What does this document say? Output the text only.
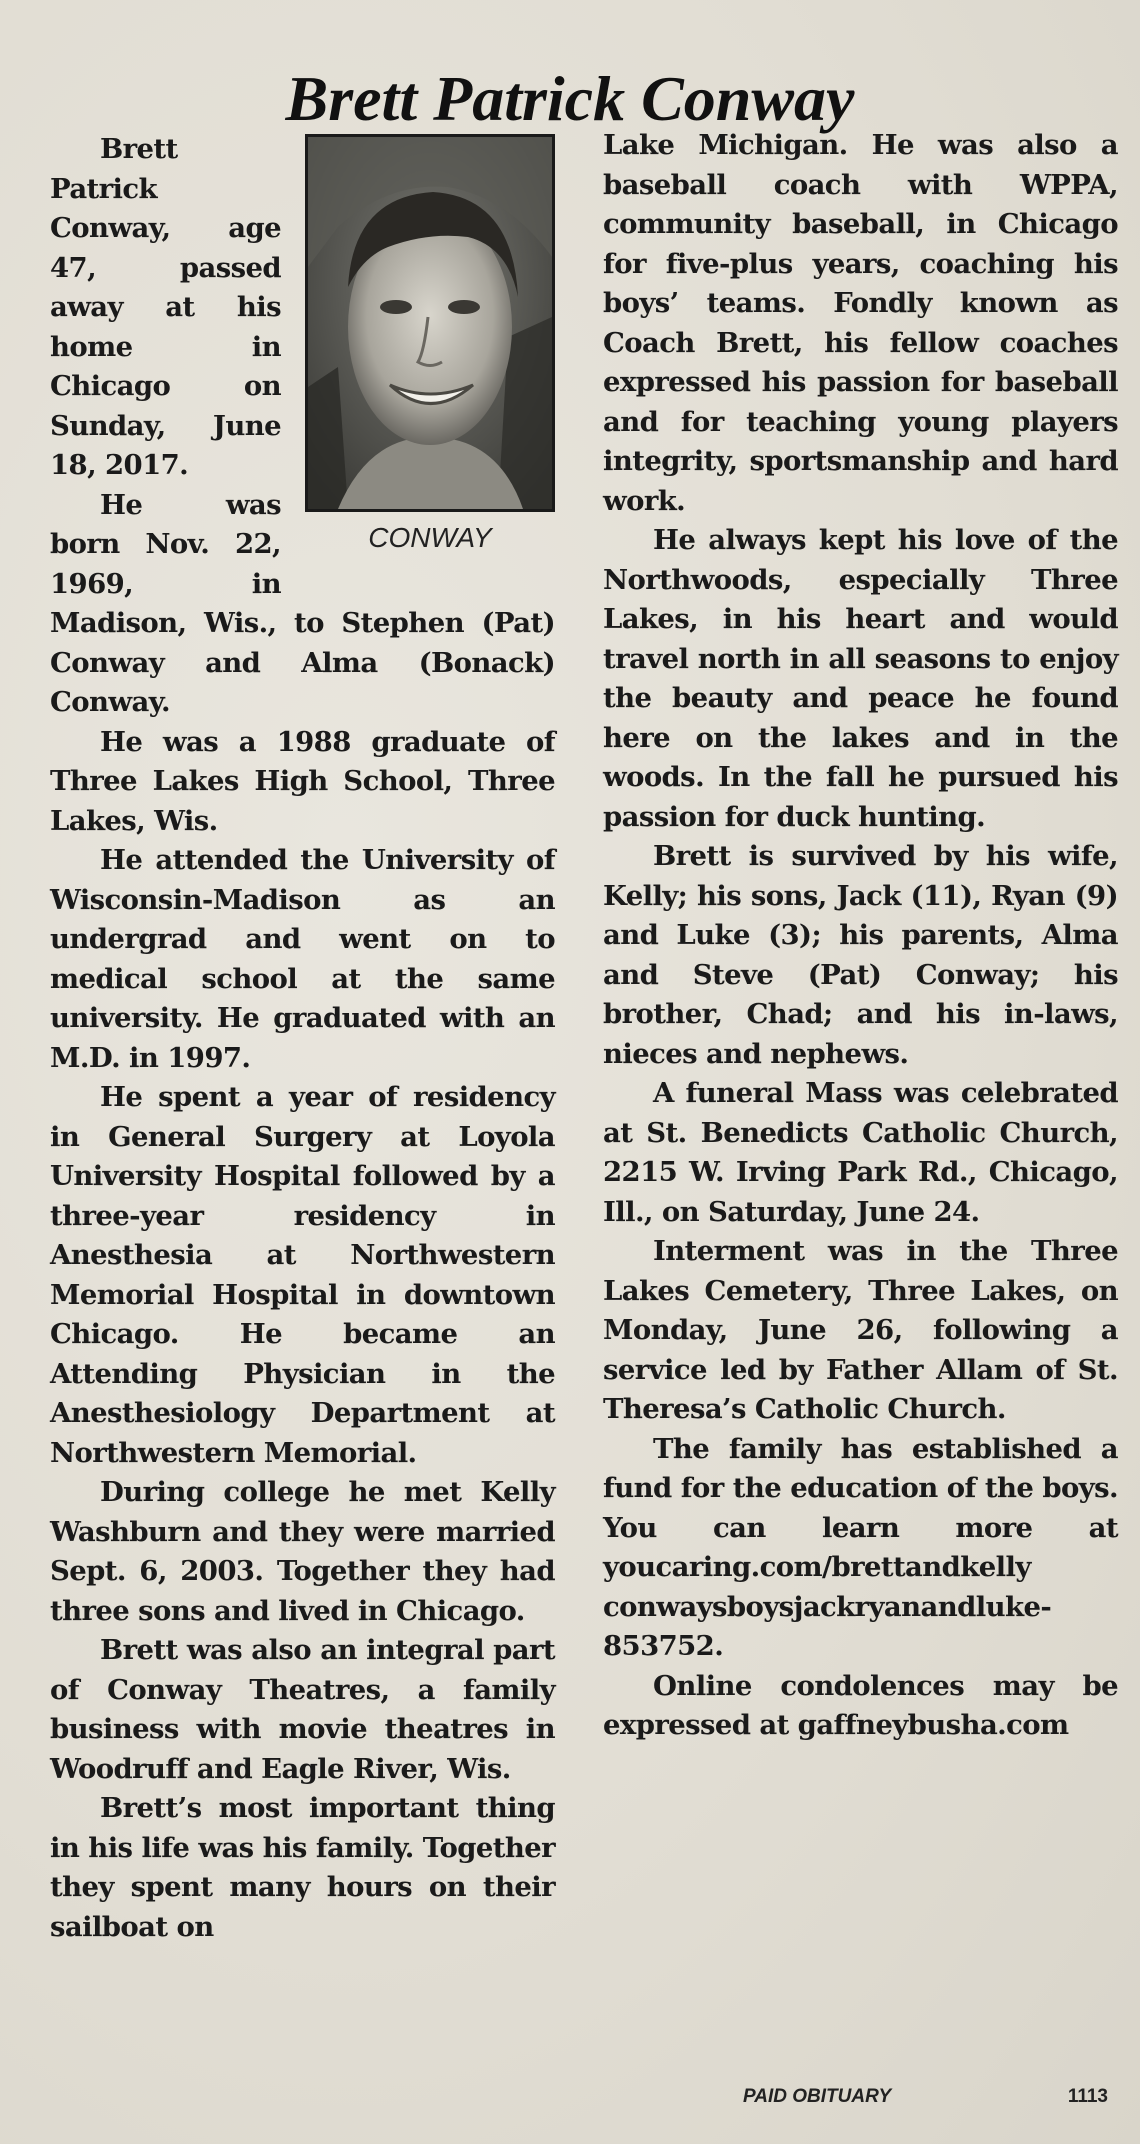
Brett Patrick Conway
CONWAY

Brett Patrick Conway, age 47, passed away at his home in Chicago on Sunday, June 18, 2017.

He was born Nov. 22, 1969, in Madison, Wis., to Stephen (Pat) Conway and Alma (Bonack) Conway.

He was a 1988 graduate of Three Lakes High School, Three Lakes, Wis.

He attended the University of Wisconsin-Madison as an undergrad and went on to medical school at the same university. He graduated with an M.D. in 1997.

He spent a year of residency in General Surgery at Loyola University Hospital followed by a three-year residency in Anesthesia at Northwestern Memorial Hospital in downtown Chicago. He became an Attending Physician in the Anesthesiology Department at Northwestern Memorial.

During college he met Kelly Washburn and they were married Sept. 6, 2003. Together they had three sons and lived in Chicago.

Brett was also an integral part of Conway Theatres, a family business with movie theatres in Woodruff and Eagle River, Wis.

Brett’s most important thing in his life was his family. Together they spent many hours on their sailboat on

Lake Michigan. He was also a baseball coach with WPPA, community baseball, in Chicago for five-plus years, coaching his boys’ teams. Fondly known as Coach Brett, his fellow coaches expressed his passion for baseball and for teaching young players integrity, sportsmanship and hard work.

He always kept his love of the Northwoods, especially Three Lakes, in his heart and would travel north in all seasons to enjoy the beauty and peace he found here on the lakes and in the woods. In the fall he pursued his passion for duck hunting.

Brett is survived by his wife, Kelly; his sons, Jack (11), Ryan (9) and Luke (3); his parents, Alma and Steve (Pat) Conway; his brother, Chad; and his in-laws, nieces and nephews.

A funeral Mass was celebrated at St. Benedicts Catholic Church, 2215 W. Irving Park Rd., Chicago, Ill., on Saturday, June 24.

Interment was in the Three Lakes Cemetery, Three Lakes, on Monday, June 26, following a service led by Father Allam of St. Theresa’s Catholic Church.

The family has established a fund for the education of the boys. You can learn more at youcaring.com/brettandkelly conwaysboysjackryanandluke-853752.

Online condolences may be expressed at gaffneybusha.com

PAID OBITUARY	1113
